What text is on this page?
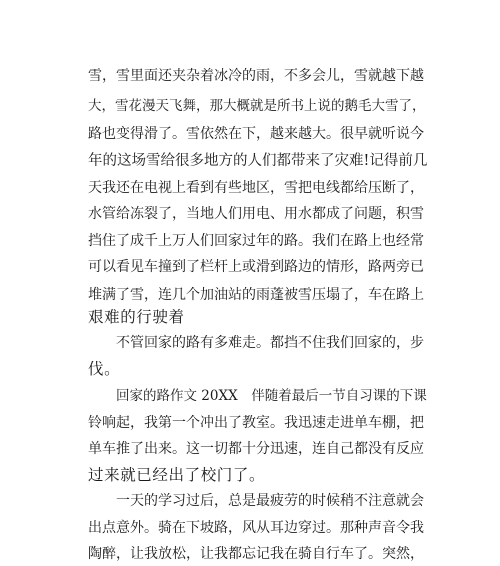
雪，雪里面还夹杂着冰冷的雨，不多会儿，雪就越下越
大，雪花漫天飞舞，那大概就是所书上说的鹅毛大雪了，
路也变得滑了。雪依然在下，越来越大。很早就听说今
年的这场雪给很多地方的人们都带来了灾难!记得前几
天我还在电视上看到有些地区，雪把电线都给压断了，
水管给冻裂了，当地人们用电、用水都成了问题，积雪
挡住了成千上万人们回家过年的路。我们在路上也经常
可以看见车撞到了栏杆上或滑到路边的情形，路两旁已
堆满了雪，连几个加油站的雨蓬被雪压塌了，车在路上
艰难的行驶着
不管回家的路有多难走。都挡不住我们回家的，步
伐。
回家的路作文 20XX　伴随着最后一节自习课的下课
铃响起，我第一个冲出了教室。我迅速走进单车棚，把
单车推了出来。这一切都十分迅速，连自己都没有反应
过来就已经出了校门了。
一天的学习过后，总是最疲劳的时候稍不注意就会
出点意外。骑在下坡路，风从耳边穿过。那种声音令我
陶醉，让我放松，让我都忘记我在骑自行车了。突然，
